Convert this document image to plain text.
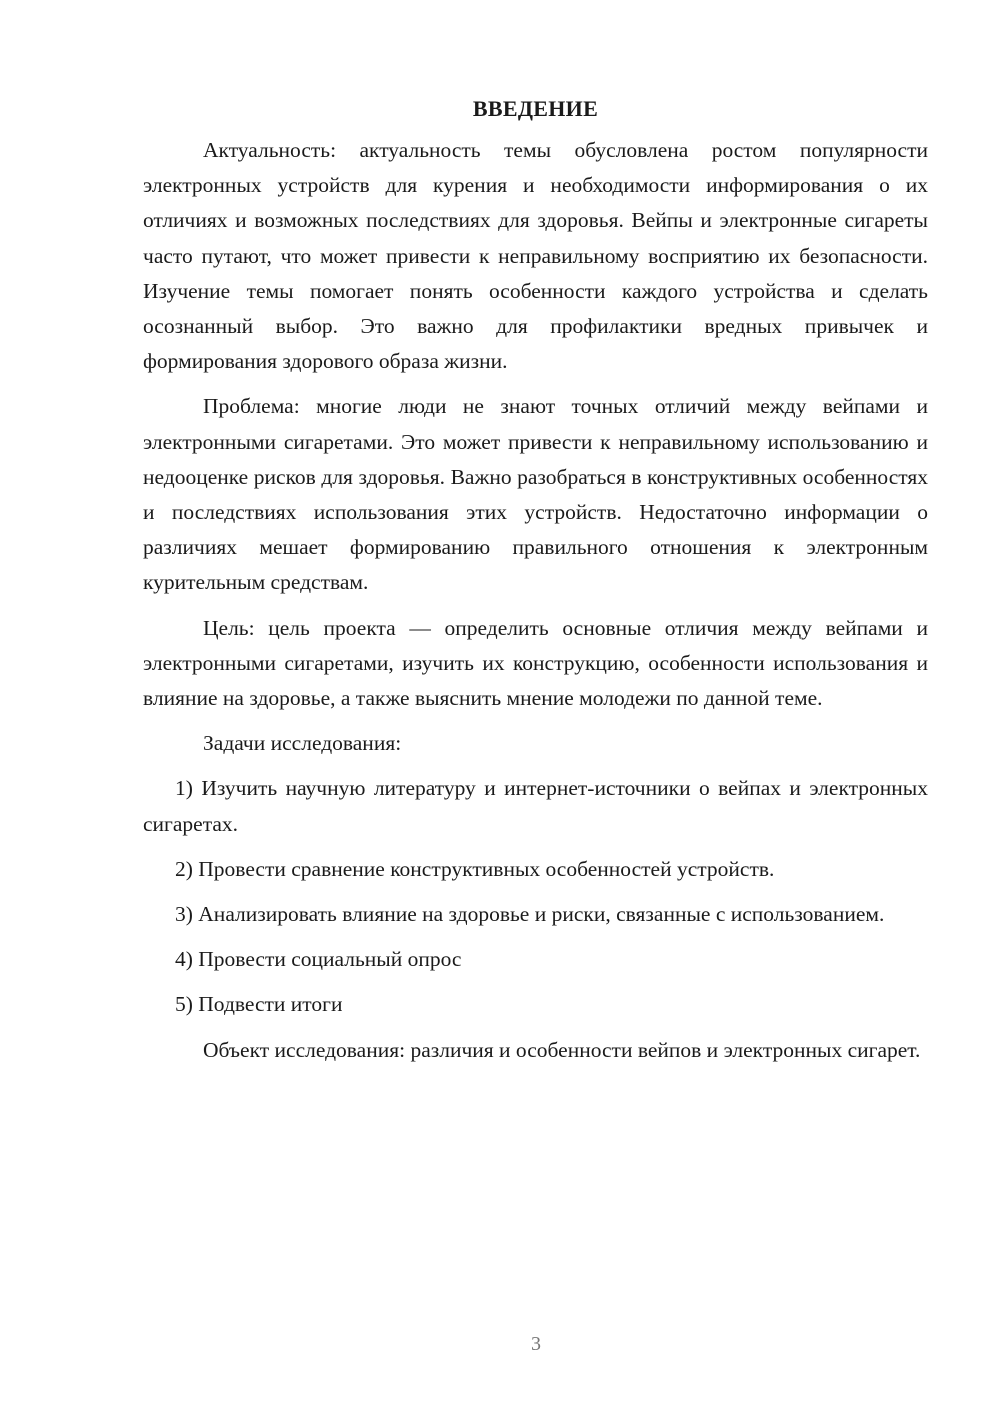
ВВЕДЕНИЕ

Актуальность: актуальность темы обусловлена ростом популярности электронных устройств для курения и необходимости информирования о их отличиях и возможных последствиях для здоровья. Вейпы и электронные сигареты часто путают, что может привести к неправильному восприятию их безопасности. Изучение темы помогает понять особенности каждого устройства и сделать осознанный выбор. Это важно для профилактики вредных привычек и формирования здорового образа жизни.

Проблема: многие люди не знают точных отличий между вейпами и электронными сигаретами. Это может привести к неправильному использованию и недооценке рисков для здоровья. Важно разобраться в конструктивных особенностях и последствиях использования этих устройств. Недостаточно информации о различиях мешает формированию правильного отношения к электронным курительным средствам.

Цель: цель проекта — определить основные отличия между вейпами и электронными сигаретами, изучить их конструкцию, особенности использования и влияние на здоровье, а также выяснить мнение молодежи по данной теме.

Задачи исследования:

1) Изучить научную литературу и интернет-источники о вейпах и электронных сигаретах.

2) Провести сравнение конструктивных особенностей устройств.

3) Анализировать влияние на здоровье и риски, связанные с использованием.

4) Провести социальный опрос

5) Подвести итоги

Объект исследования: различия и особенности вейпов и электронных сигарет.

3
